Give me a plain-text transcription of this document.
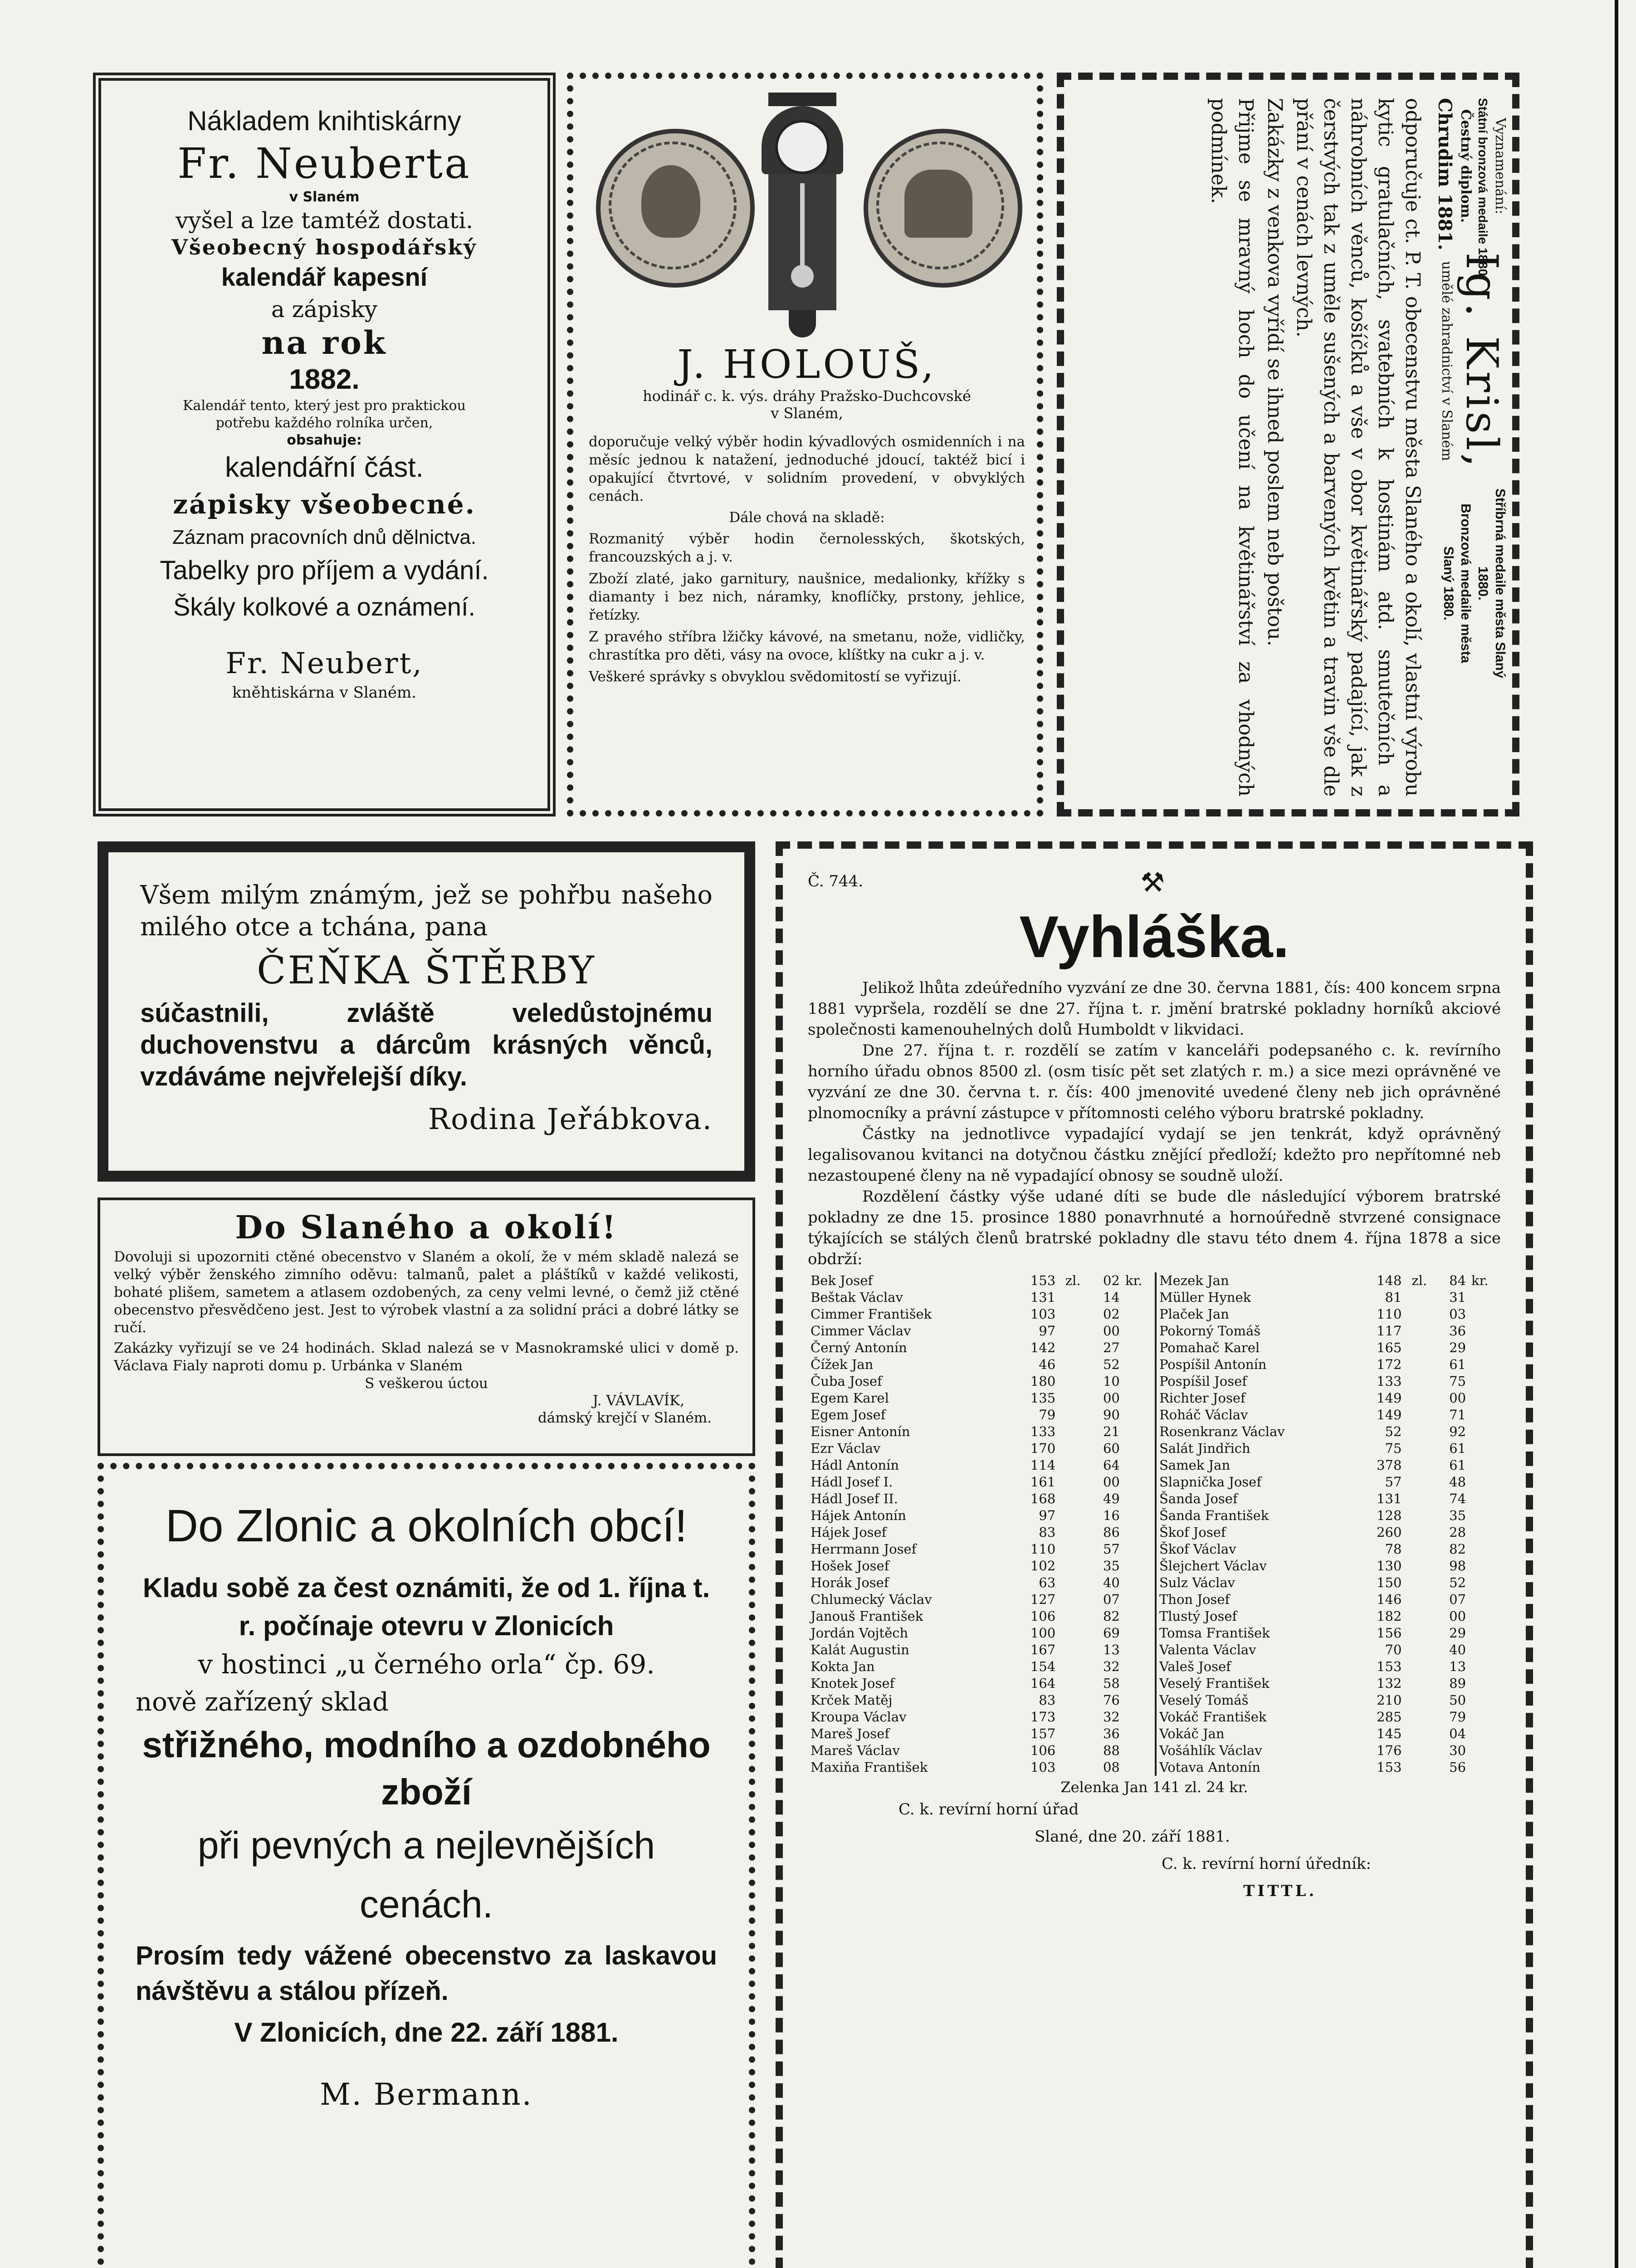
Nákladem knihtiskárny
Fr. Neuberta
v Slaném
vyšel a lze tamtéž dostati.
Všeobecný hospodářský
kalendář kapesní
a zápisky
na rok
1882.
Kalendář tento, který jest pro praktickou
potřebu každého rolníka určen,
obsahuje:
kalendářní část.
zápisky všeobecné.
Záznam pracovních dnů dělnictva.
Tabelky pro příjem a vydání.
Škály kolkové a oznámení.
Fr. Neubert,
kněhtiskárna v Slaném.
J. HOLOUŠ,
hodinář c. k. výs. dráhy Pražsko-Duchcovské
v Slaném,

doporučuje velký výběr hodin kývadlových osmidenních i na měsíc jednou k natažení, jednoduché jdoucí, taktéž bicí i opakující čtvrtové, v solidním provedení, v obvyklých cenách.

Dále chová na skladě:

Rozmanitý výběr hodin černolesských, škotských, francouzských a j. v.

Zboží zlaté, jako garnitury, naušnice, medalionky, křížky s diamanty i bez nich, náramky, knoflíčky, prstony, jehlice, řetízky.

Z pravého stříbra lžičky kávové, na smetanu, nože, vidličky, chrastítka pro děti, vásy na ovoce, klíštky na cukr a j. v.

Veškeré správky s obvyklou svědomitostí se vyřizují.

Vyznamenání:
Státní bronzová medaile 1880.
Čestný diplom.
Chrudim 1881.
Ig. Krisl,
umělé zahradnictví v Slaném
Stříbrná medaile města Slaný 1880.
Bronzová medaile města Slaný 1880.

odporučuje ct. P. T. obecenstvu města Slaného a okolí, vlastní výrobu kytic gratulačních, svatebních k hostinám atd. smutečních a náhrobních věnců, košíčků a vše v obor květinářský padající, jak z čerstvých tak z uměle sušených a barvených květin a travin vše dle přání v cenách levných.

Zakázky z venkova vyřídí se ihned poslem neb poštou.

Přijme se mravný hoch do učení na květinářství za vhodných podmínek.

Všem milým známým, jež se pohřbu našeho milého otce a tchána, pana

ČEŇKA ŠTĚRBY

súčastnili, zvláště veledůstojnému duchovenstvu a dárcům krásných věnců, vzdáváme nejvřelejší díky.

Rodina Jeřábkova.
Do Slaného a okolí!

Dovoluji si upozorniti ctěné obecenstvo v Slaném a okolí, že v mém skladě nalezá se velký výběr ženského zimního oděvu: talmanů, palet a pláštíků v každé velikosti, bohaté plišem, sametem a atlasem ozdobených, za ceny velmi levné, o čemž již ctěné obecenstvo přesvědčeno jest. Jest to výrobek vlastní a za solidní práci a dobré látky se ručí.

Zakázky vyřizují se ve 24 hodinách. Sklad nalezá se v Masnokramské ulici v domě p. Václava Fialy naproti domu p. Urbánka v Slaném

S veškerou úctou
J. VÁVLAVÍK,
dámský krejčí v Slaném.
Do Zlonic a okolních obcí!

Kladu sobě za čest oznámiti, že od 1. října t. r. počínaje otevru v Zlonicích

v hostinci „u černého orla“ čp. 69.
nově zařízený sklad
střižného, modního a ozdobného
zboží
při pevných a nejlevnějších cenách.

Prosím tedy vážené obecenstvo za laskavou návštěvu a stálou přízeň.

V Zlonicích, dne 22. září 1881.
M. Bermann.
Č. 744.	⚒
Vyhláška.

Jelikož lhůta zdeúředního vyzvání ze dne 30. června 1881, čís: 400 koncem srpna 1881 vypršela, rozdělí se dne 27. října t. r. jmění bratrské pokladny horníků akciové společnosti kamenouhelných dolů Humboldt v likvidaci.

Dne 27. října t. r. rozdělí se zatím v kanceláři podepsaného c. k. revírního horního úřadu obnos 8500 zl. (osm tisíc pět set zlatých r. m.) a sice mezi oprávněné ve vyzvání ze dne 30. června t. r. čís: 400 jmenovité uvedené členy neb jich oprávněné plnomocníky a právní zástupce v přítomnosti celého výboru bratrské pokladny.

Částky na jednotlivce vypadající vydají se jen tenkrát, když oprávněný legalisovanou kvitanci na dotyčnou částku znějící předloží; kdežto pro nepřítomné neb nezastoupené členy na ně vypadající obnosy se soudně uloží.

Rozdělení částky výše udané díti se bude dle následující výborem bratrské pokladny ze dne 15. prosince 1880 ponavrhnuté a hornoúředně stvrzené consignace týkajících se stálých členů bratrské pokladny dle stavu této dnem 4. října 1878 a sice obdrží:

Bek Josef	153	zl.	02	kr.
Beštak Václav	131		14	
Cimmer František	103		02	
Cimmer Václav	97		00	
Černý Antonín	142		27	
Čížek Jan	46		52	
Čuba Josef	180		10	
Egem Karel	135		00	
Egem Josef	79		90	
Eisner Antonín	133		21	
Ezr Václav	170		60	
Hádl Antonín	114		64	
Hádl Josef I.	161		00	
Hádl Josef II.	168		49	
Hájek Antonín	97		16	
Hájek Josef	83		86	
Herrmann Josef	110		57	
Hošek Josef	102		35	
Horák Josef	63		40	
Chlumecký Václav	127		07	
Janouš František	106		82	
Jordán Vojtěch	100		69	
Kalát Augustin	167		13	
Kokta Jan	154		32	
Knotek Josef	164		58	
Krček Matěj	83		76	
Kroupa Václav	173		32	
Mareš Josef	157		36	
Mareš Václav	106		88	
Maxiňa František	103		08	
Mezek Jan	148	zl.	84	kr.
Müller Hynek	81		31	
Plaček Jan	110		03	
Pokorný Tomáš	117		36	
Pomahač Karel	165		29	
Pospíšil Antonín	172		61	
Pospíšil Josef	133		75	
Richter Josef	149		00	
Roháč Václav	149		71	
Rosenkranz Václav	52		92	
Salát Jindřich	75		61	
Samek Jan	378		61	
Slapnička Josef	57		48	
Šanda Josef	131		74	
Šanda František	128		35	
Škof Josef	260		28	
Škof Václav	78		82	
Šlejchert Václav	130		98	
Sulz Václav	150		52	
Thon Josef	146		07	
Tlustý Josef	182		00	
Tomsa František	156		29	
Valenta Václav	70		40	
Valeš Josef	153		13	
Veselý František	132		89	
Veselý Tomáš	210		50	
Vokáč František	285		79	
Vokáč Jan	145		04	
Vošáhlík Václav	176		30	
Votava Antonín	153		56	
Zelenka Jan 141 zl. 24 kr.
C. k. revírní horní úřad
Slané, dne 20. září 1881.
C. k. revírní horní úředník:
TITTL.
